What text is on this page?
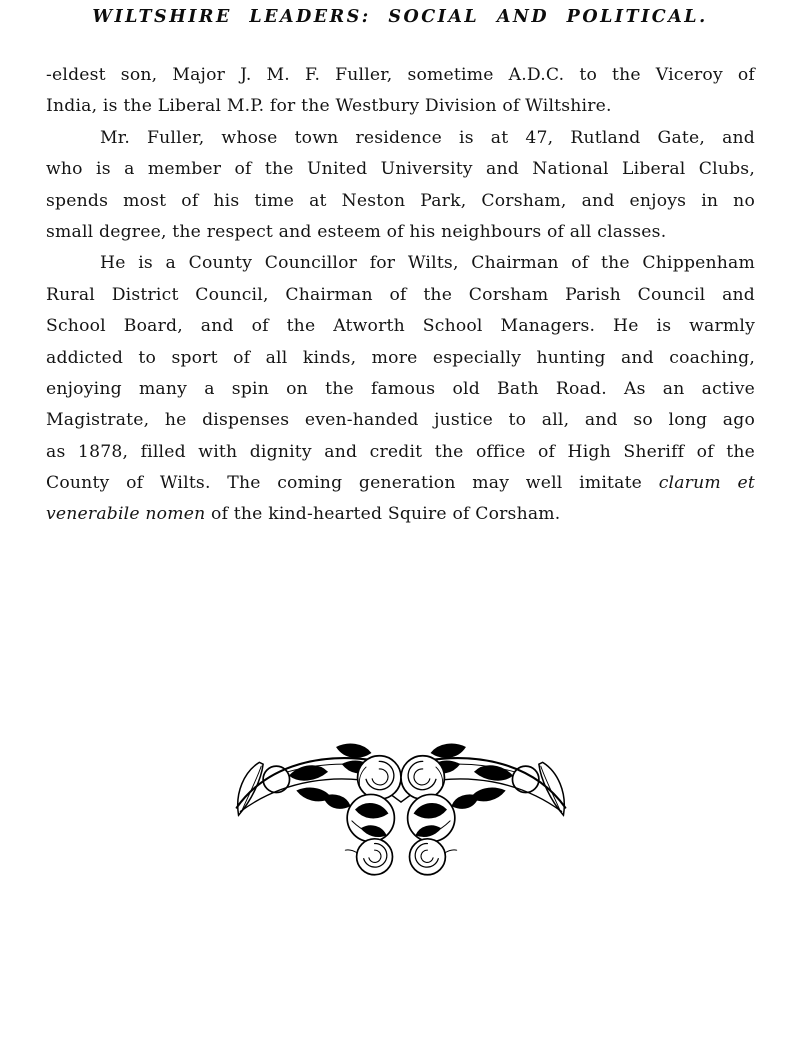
WILTSHIRE LEADERS: SOCIAL AND POLITICAL.
-eldest son, Major J. M. F. Fuller, sometime A.D.C. to the Viceroy of
India, is the Liberal M.P. for the Westbury Division of Wiltshire.
Mr. Fuller, whose town residence is at 47, Rutland Gate, and
who is a member of the United University and National Liberal Clubs,
spends most of his time at Neston Park, Corsham, and enjoys in no
small degree, the respect and esteem of his neighbours of all classes.
He is a County Councillor for Wilts, Chairman of the Chippenham
Rural District Council, Chairman of the Corsham Parish Council and
School Board, and of the Atworth School Managers. He is warmly
addicted to sport of all kinds, more especially hunting and coaching,
enjoying many a spin on the famous old Bath Road. As an active
Magistrate, he dispenses even-handed justice to all, and so long ago
as 1878, filled with dignity and credit the office of High Sheriff of the
County of Wilts. The coming generation may well imitate clarum et
venerabile nomen of the kind-hearted Squire of Corsham.
